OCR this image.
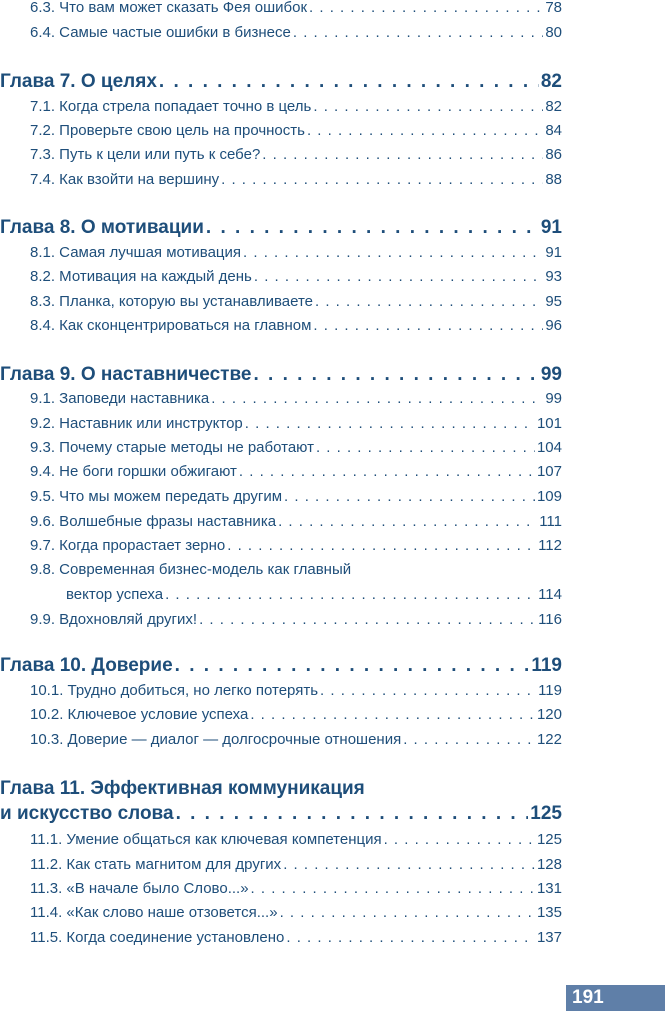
6.3. Что вам может сказать Фея ошибок . . .	78
6.4. Самые частые ошибки в бизнесе . . .	80
Глава 7. О целях . . .	82
7.1. Когда стрела попадает точно в цель . . .	82
7.2. Проверьте свою цель на прочность . . .	84
7.3. Путь к цели или путь к себе? . . .	86
7.4. Как взойти на вершину . . .	88
Глава 8. О мотивации . . .	91
8.1. Самая лучшая мотивация . . .	91
8.2. Мотивация на каждый день . . .	93
8.3. Планка, которую вы устанавливаете . . .	95
8.4. Как сконцентрироваться на главном . . .	96
Глава 9. О наставничестве . . .	99
9.1. Заповеди наставника . . .	99
9.2. Наставник или инструктор . . .	101
9.3. Почему старые методы не работают . . .	104
9.4. Не боги горшки обжигают . . .	107
9.5. Что мы можем передать другим . . .	109
9.6. Волшебные фразы наставника . . .	111
9.7. Когда прорастает зерно . . .	112
9.8. Современная бизнес-модель как главный
вектор успеха . . .	114
9.9. Вдохновляй других! . . .	116
Глава 10. Доверие . . .	119
10.1. Трудно добиться, но легко потерять . . .	119
10.2. Ключевое условие успеха . . .	120
10.3. Доверие — диалог — долгосрочные отношения . . .	122
Глава 11. Эффективная коммуникация
и искусство слова . . .	125
11.1. Умение общаться как ключевая компетенция . . .	125
11.2. Как стать магнитом для других . . .	128
11.3. «В начале было Слово...» . . .	131
11.4. «Как слово наше отзовется...» . . .	135
11.5. Когда соединение установлено . . .	137
191
